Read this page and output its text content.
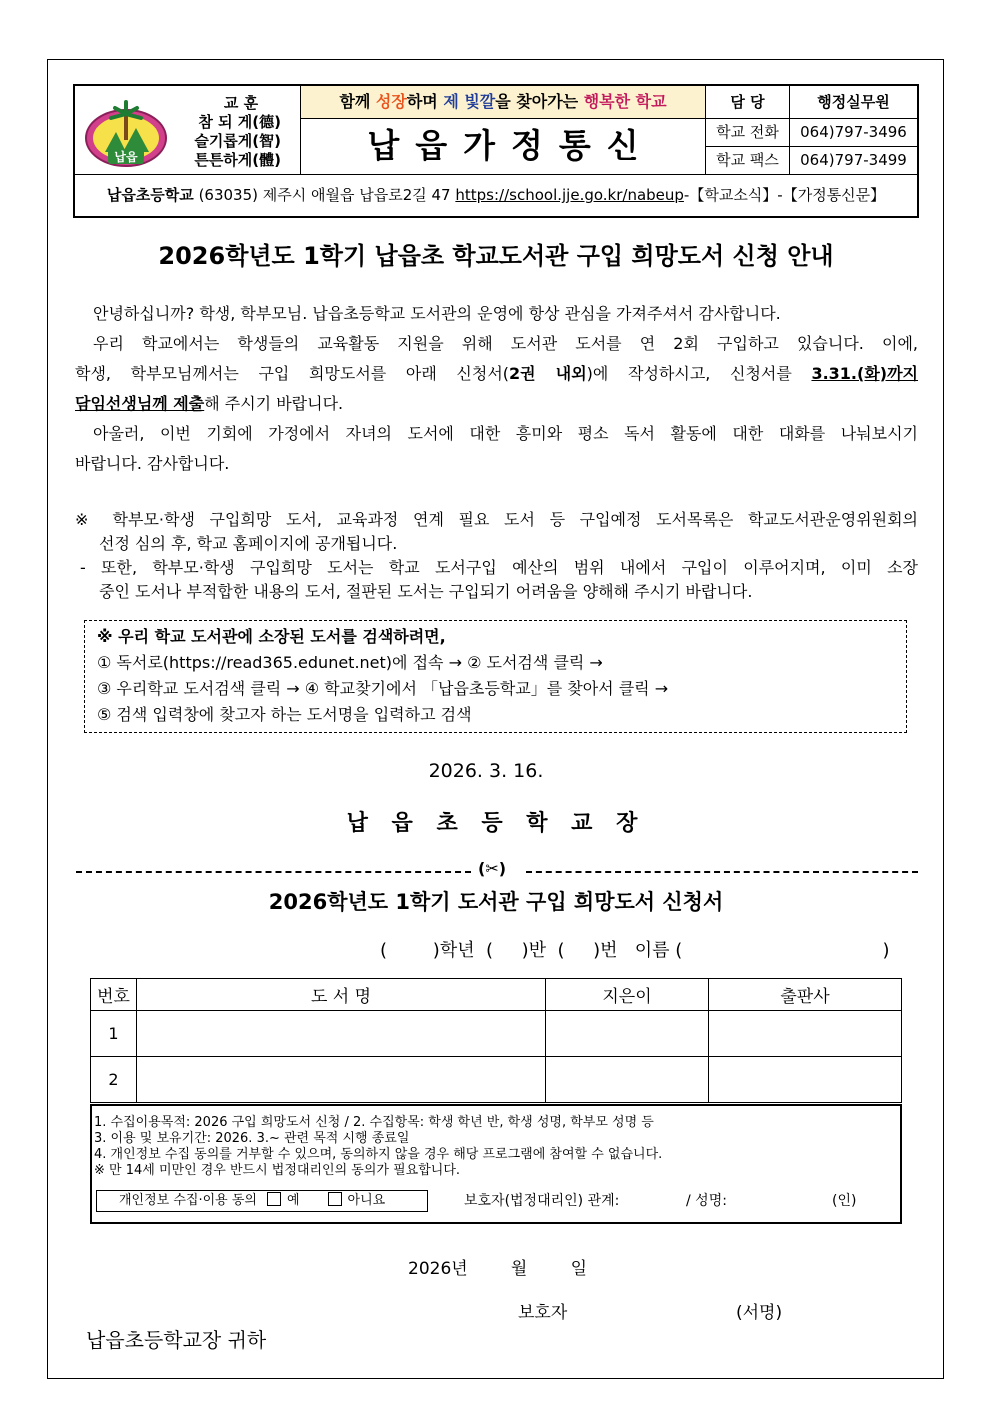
납읍
교 훈
참 되 게(德)
슬기롭게(智)
튼튼하게(體)
함께 성장하며 제 빛깔을 찾아가는 행복한 학교
납읍가정통신
담 당	행정실무원
학교 전화	064)797-3496
학교 팩스	064)797-3499
납읍초등학교 (63035) 제주시 애월읍 납읍로2길 47 https://school.jje.go.kr/nabeup-【학교소식】-【가정통신문】
2026학년도 1학기 납읍초 학교도서관 구입 희망도서 신청 안내
안녕하십니까? 학생, 학부모님. 납읍초등학교 도서관의 운영에 항상 관심을 가져주셔서 감사합니다.
우리 학교에서는 학생들의 교육활동 지원을 위해 도서관 도서를 연 2회 구입하고 있습니다. 이에,
학생, 학부모님께서는 구입 희망도서를 아래 신청서(2권 내외)에 작성하시고, 신청서를 3.31.(화)까지
담임선생님께 제출해 주시기 바랍니다.
아울러, 이번 기회에 가정에서 자녀의 도서에 대한 흥미와 평소 독서 활동에 대한 대화를 나눠보시기
바랍니다. 감사합니다.
※ 학부모·학생 구입희망 도서, 교육과정 연계 필요 도서 등 구입예정 도서목록은 학교도서관운영위원회의
선정 심의 후, 학교 홈페이지에 공개됩니다.
- 또한, 학부모·학생 구입희망 도서는 학교 도서구입 예산의 범위 내에서 구입이 이루어지며, 이미 소장
중인 도서나 부적합한 내용의 도서, 절판된 도서는 구입되기 어려움을 양해해 주시기 바랍니다.
※ 우리 학교 도서관에 소장된 도서를 검색하려면,
① 독서로(https://read365.edunet.net)에 접속 → ② 도서검색 클릭 →
③ 우리학교 도서검색 클릭 → ④ 학교찾기에서 「납읍초등학교」를 찾아서 클릭 →
⑤ 검색 입력창에 찾고자 하는 도서명을 입력하고 검색
2026. 3. 16.
납 읍 초 등 학 교 장
(✂)
2026학년도 1학기 도서관 구입 희망도서 신청서
(        )학년  (     )반  (     )번   이름 (                                   )
번호	도 서 명	지은이	출판사
1			
2			
1. 수집이용목적: 2026 구입 희망도서 신청 / 2. 수집항목: 학생 학년 반, 학생 성명, 학부모 성명 등
3. 이용 및 보유기간: 2026. 3.~ 관련 목적 시행 종료일
4. 개인정보 수집 동의를 거부할 수 있으며, 동의하지 않을 경우 해당 프로그램에 참여할 수 없습니다.
※ 만 14세 미만인 경우 반드시 법정대리인의 동의가 필요합니다.
개인정보 수집·이용 동의 예	아니요	보호자(법정대리인) 관계:	/ 성명:	(인)
2026년        월        일
보호자	(서명)
납읍초등학교장 귀하
